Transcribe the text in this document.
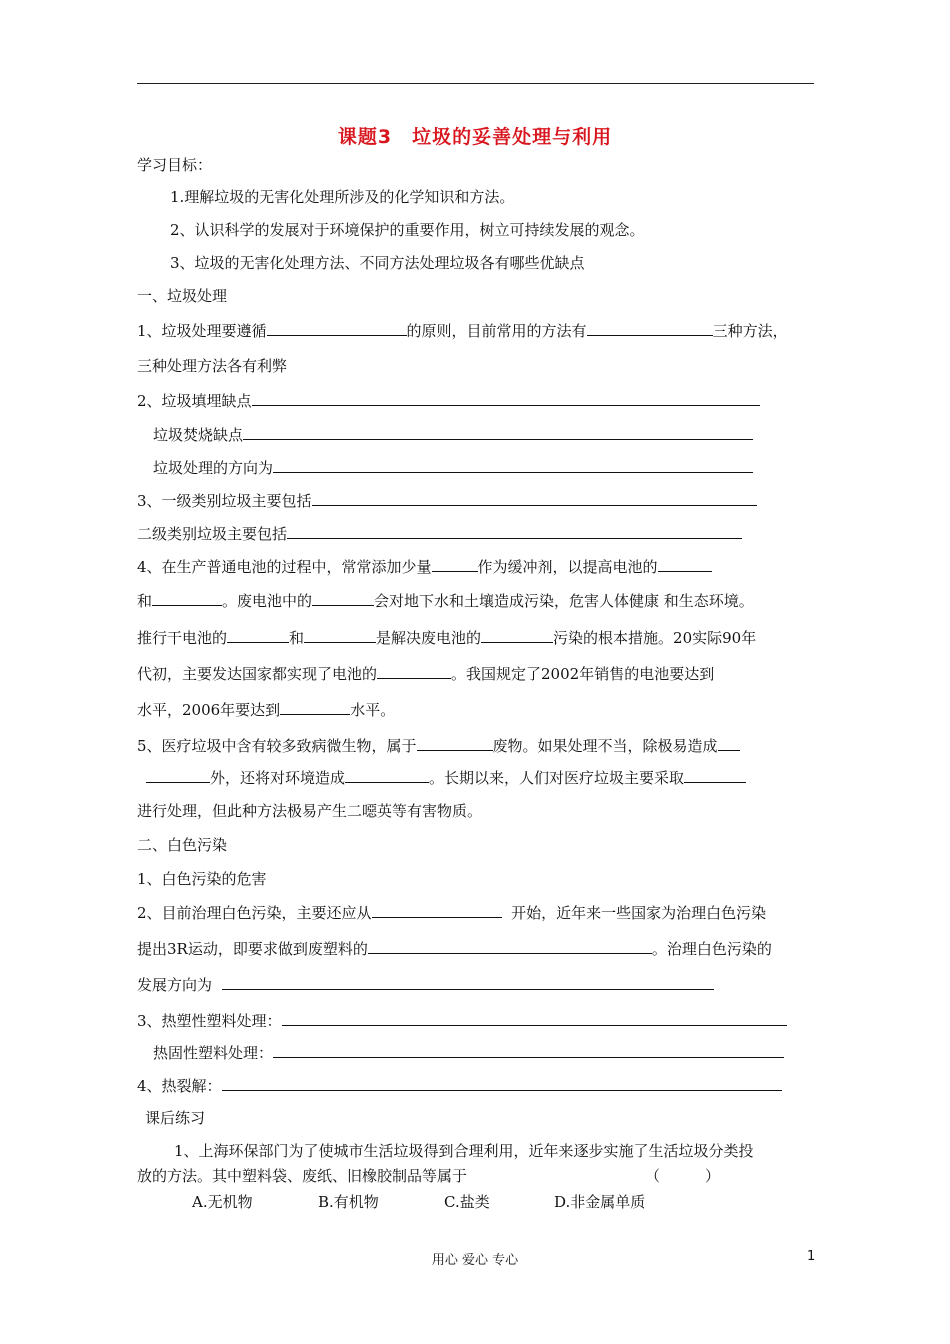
课题3　垃圾的妥善处理与利用
学习目标：
1.理解垃圾的无害化处理所涉及的化学知识和方法。
2、认识科学的发展对于环境保护的重要作用，树立可持续发展的观念。
3、垃圾的无害化处理方法、不同方法处理垃圾各有哪些优缺点
一、垃圾处理
1、垃圾处理要遵循	的原则，目前常用的方法有	三种方法，
三种处理方法各有利弊
2、垃圾填埋缺点
垃圾焚烧缺点
垃圾处理的方向为
3、一级类别垃圾主要包括
二级类别垃圾主要包括
4、在生产普通电池的过程中，常常添加少量	作为缓冲剂，以提高电池的
和	。废电池中的	会对地下水和土壤造成污染，危害人体健康 和生态环境。
推行干电池的	和	是解决废电池的	污染的根本措施。20实际90年
代初，主要发达国家都实现了电池的	。我国规定了2002年销售的电池要达到
水平，2006年要达到	水平。
5、医疗垃圾中含有较多致病微生物，属于	废物。如果处理不当，除极易造成
外，还将对环境造成	。长期以来，人们对医疗垃圾主要采取
进行处理，但此种方法极易产生二噁英等有害物质。
二、白色污染
1、白色污染的危害
2、目前治理白色污染，主要还应从	开始，近年来一些国家为治理白色污染
提出3R运动，即要求做到废塑料的	。治理白色污染的
发展方向为
3、热塑性塑料处理：
热固性塑料处理：
4、热裂解：
课后练习
1、上海环保部门为了使城市生活垃圾得到合理利用，近年来逐步实施了生活垃圾分类投
放的方法。其中塑料袋、废纸、旧橡胶制品等属于	（　　　）
A.无机物	B.有机物	C.盐类	D.非金属单质
用心 爱心 专心	1
